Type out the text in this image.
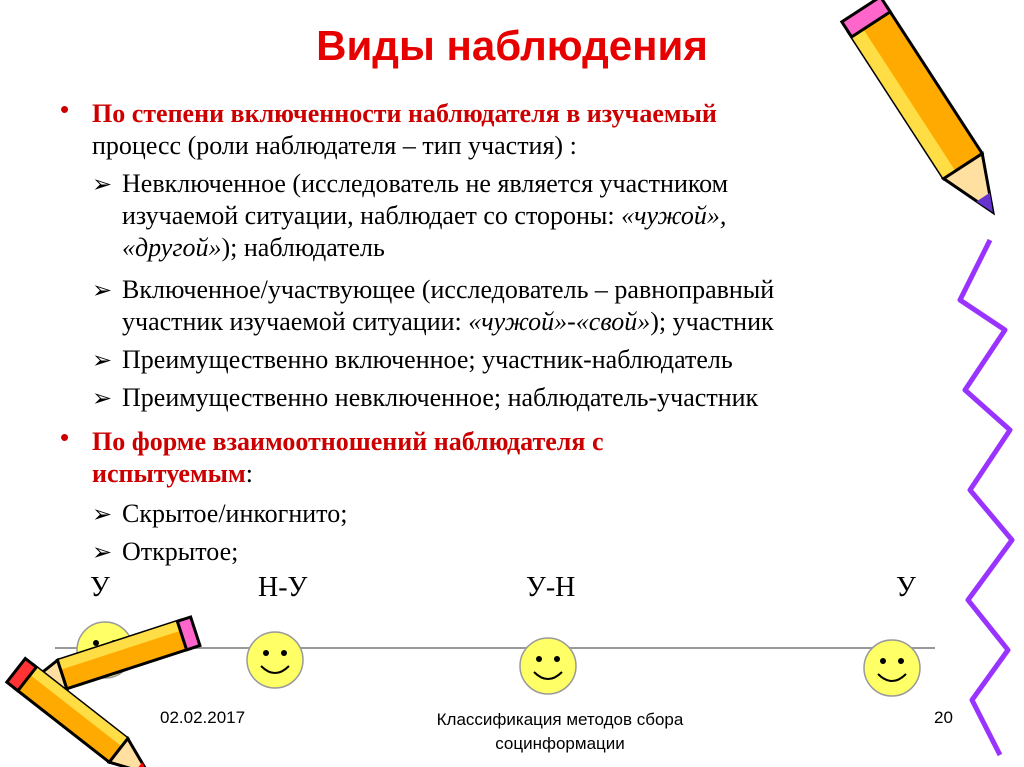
Виды наблюдения
• По степени включенности наблюдателя в изучаемый
процесс (роли наблюдателя – тип участия) :
➢ Невключенное (исследователь не является участником
изучаемой ситуации, наблюдает со стороны: «чужой»,
«другой»); наблюдатель
➢ Включенное/участвующее (исследователь – равноправный
участник изучаемой ситуации: «чужой»-«свой»); участник
➢ Преимущественно включенное; участник-наблюдатель
➢ Преимущественно невключенное; наблюдатель-участник
• По форме взаимоотношений наблюдателя с
испытуемым:
➢ Скрытое/инкогнито;
➢ Открытое;
У	Н-У	У-Н	У
02.02.2017	Классификация методов сбора
социнформации
20
